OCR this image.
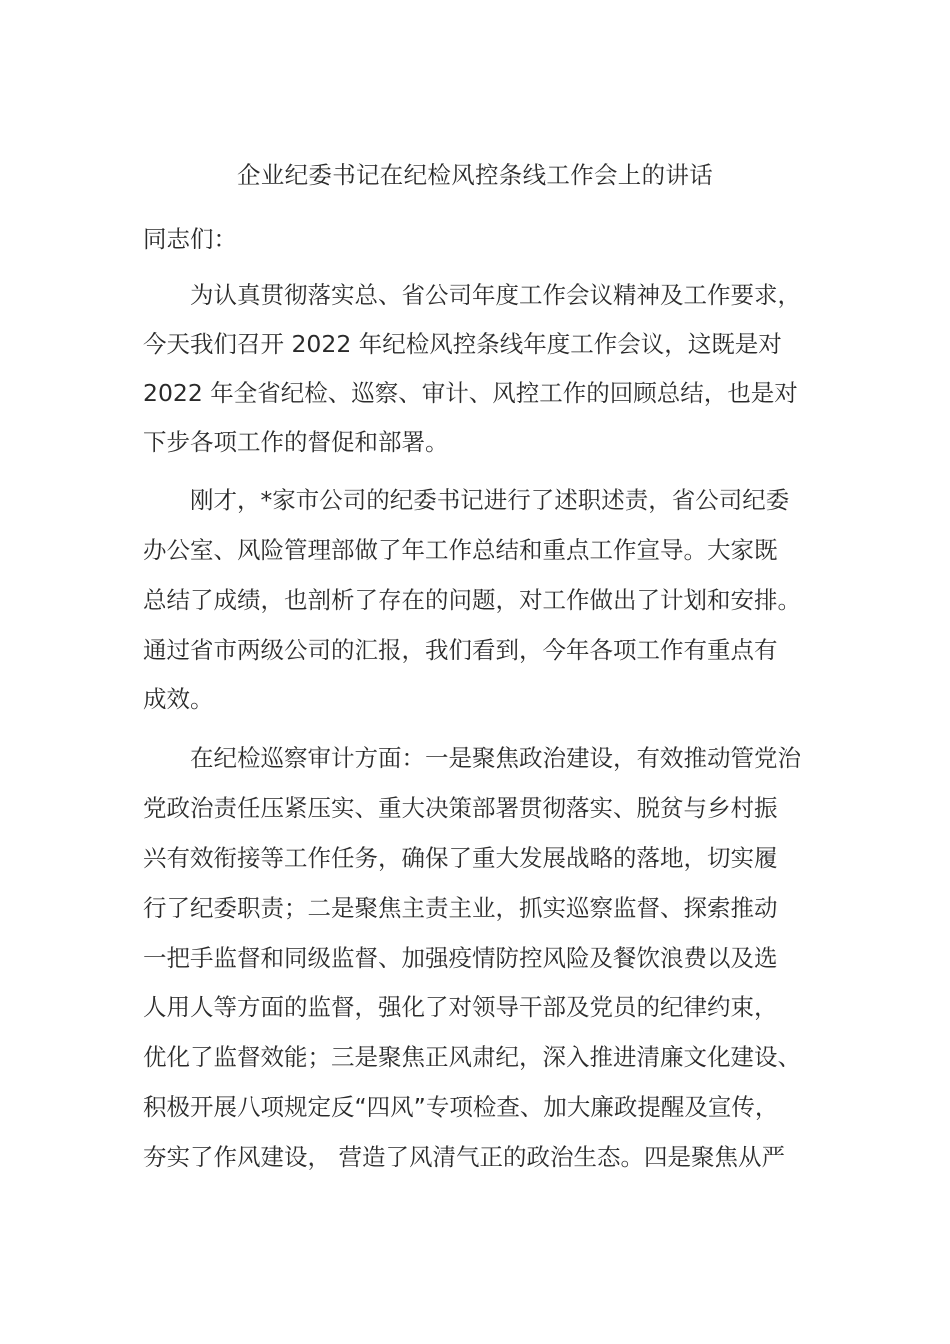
企业纪委书记在纪检风控条线工作会上的讲话

同志们：

　　为认真贯彻落实总、省公司年度工作会议精神及工作要求，

今天我们召开 2022 年纪检风控条线年度工作会议，这既是对

2022 年全省纪检、巡察、审计、风控工作的回顾总结，也是对

下步各项工作的督促和部署。

　　刚才，*家市公司的纪委书记进行了述职述责，省公司纪委

办公室、风险管理部做了年工作总结和重点工作宣导。大家既

总结了成绩，也剖析了存在的问题，对工作做出了计划和安排。

通过省市两级公司的汇报，我们看到，今年各项工作有重点有

成效。

　　在纪检巡察审计方面：一是聚焦政治建设，有效推动管党治

党政治责任压紧压实、重大决策部署贯彻落实、脱贫与乡村振

兴有效衔接等工作任务，确保了重大发展战略的落地，切实履

行了纪委职责；二是聚焦主责主业，抓实巡察监督、探索推动

一把手监督和同级监督、加强疫情防控风险及餐饮浪费以及选

人用人等方面的监督，强化了对领导干部及党员的纪律约束，

优化了监督效能；三是聚焦正风肃纪，深入推进清廉文化建设、

积极开展八项规定反“四风”专项检查、加大廉政提醒及宣传，

夯实了作风建设， 营造了风清气正的政治生态。四是聚焦从严
